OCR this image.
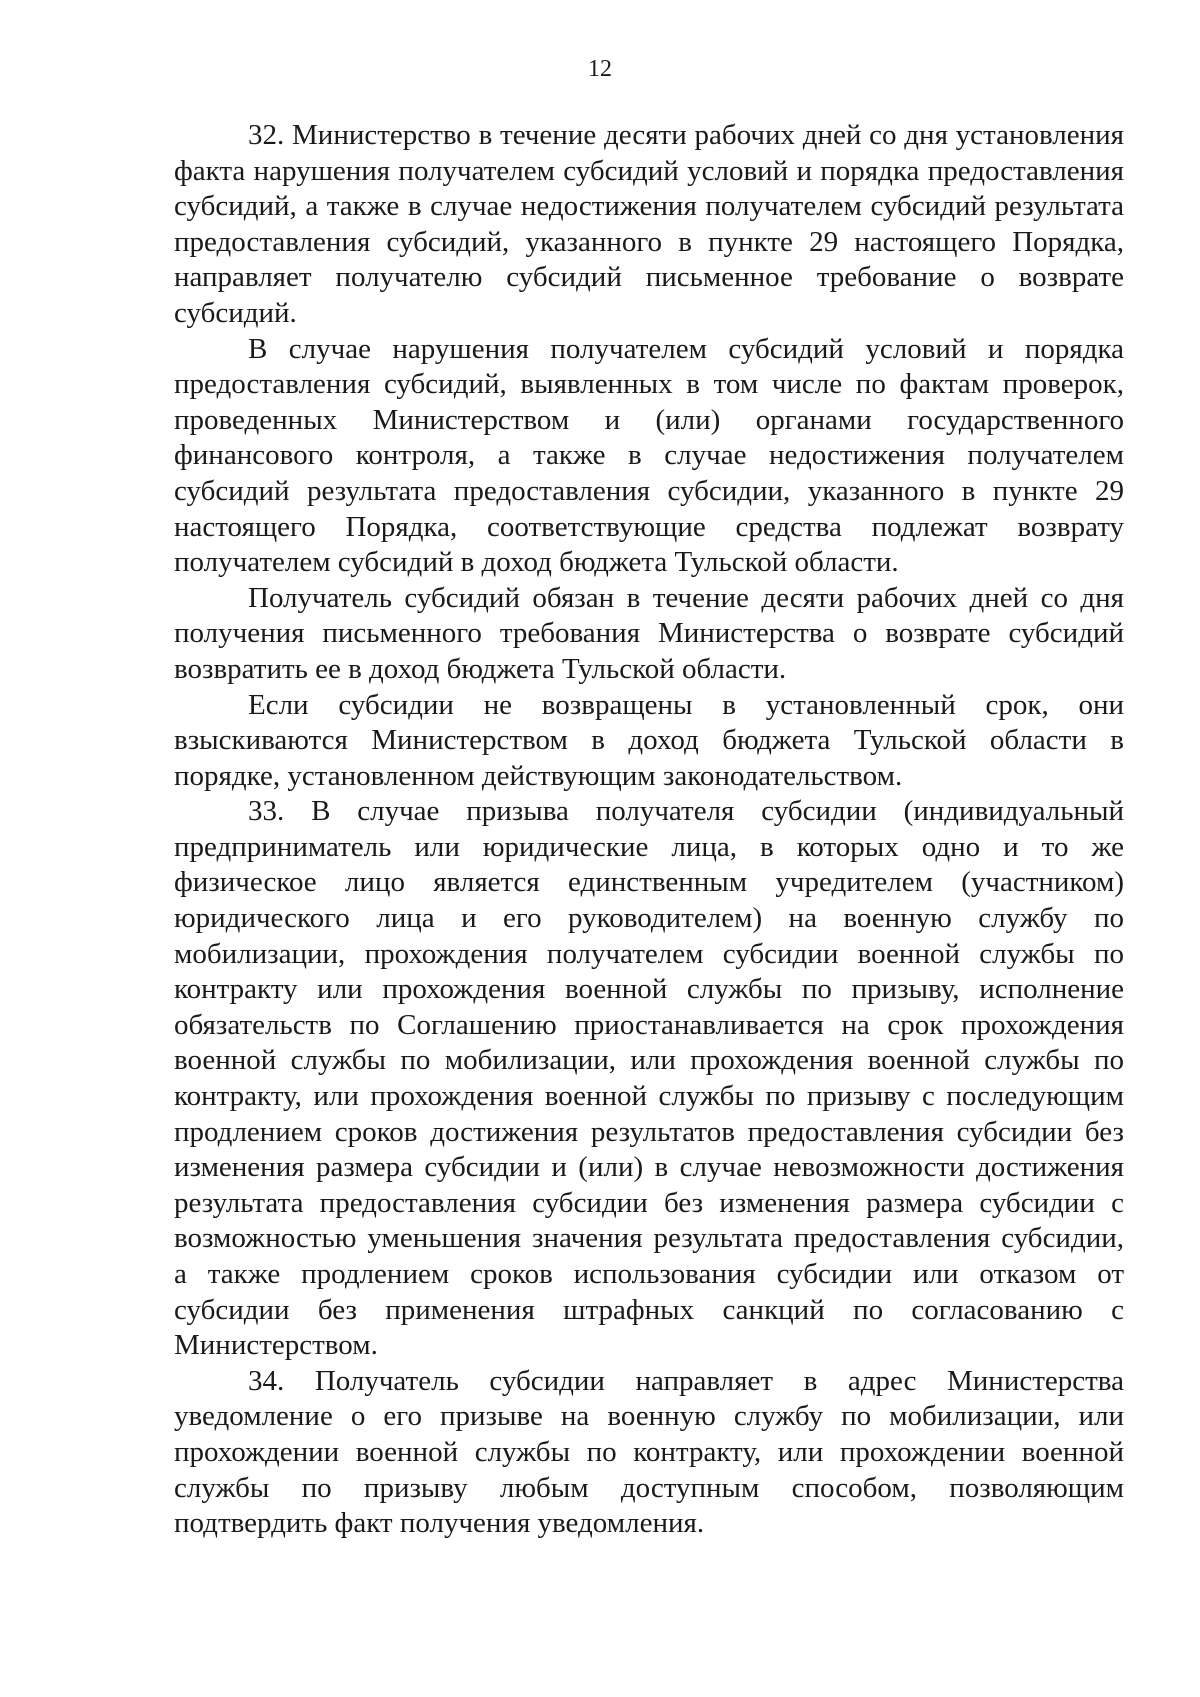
12

32. Министерство в течение десяти рабочих дней со дня установления факта нарушения получателем субсидий условий и порядка предоставления субсидий, а также в случае недостижения получателем субсидий результата предоставления субсидий, указанного в пункте 29 настоящего Порядка, направляет получателю субсидий письменное требование о возврате субсидий.

В случае нарушения получателем субсидий условий и порядка предоставления субсидий, выявленных в том числе по фактам проверок, проведенных Министерством и (или) органами государственного финансового контроля, а также в случае недостижения получателем субсидий результата предоставления субсидии, указанного в пункте 29 настоящего Порядка, соответствующие средства подлежат возврату получателем субсидий в доход бюджета Тульской области.

Получатель субсидий обязан в течение десяти рабочих дней со дня получения письменного требования Министерства о возврате субсидий возвратить ее в доход бюджета Тульской области.

Если субсидии не возвращены в установленный срок, они взыскиваются Министерством в доход бюджета Тульской области в порядке, установленном действующим законодательством.

33. В случае призыва получателя субсидии (индивидуальный предприниматель или юридические лица, в которых одно и то же физическое лицо является единственным учредителем (участником) юридического лица и его руководителем) на военную службу по мобилизации, прохождения получателем субсидии военной службы по контракту или прохождения военной службы по призыву, исполнение обязательств по Соглашению приостанавливается на срок прохождения военной службы по мобилизации, или прохождения военной службы по контракту, или прохождения военной службы по призыву с последующим продлением сроков достижения результатов предоставления субсидии без изменения размера субсидии и (или) в случае невозможности достижения результата предоставления субсидии без изменения размера субсидии с возможностью уменьшения значения результата предоставления субсидии, а также продлением сроков использования субсидии или отказом от субсидии без применения штрафных санкций по согласованию с Министерством.

34. Получатель субсидии направляет в адрес Министерства уведомление о его призыве на военную службу по мобилизации, или прохождении военной службы по контракту, или прохождении военной службы по призыву любым доступным способом, позволяющим подтвердить факт получения уведомления.
